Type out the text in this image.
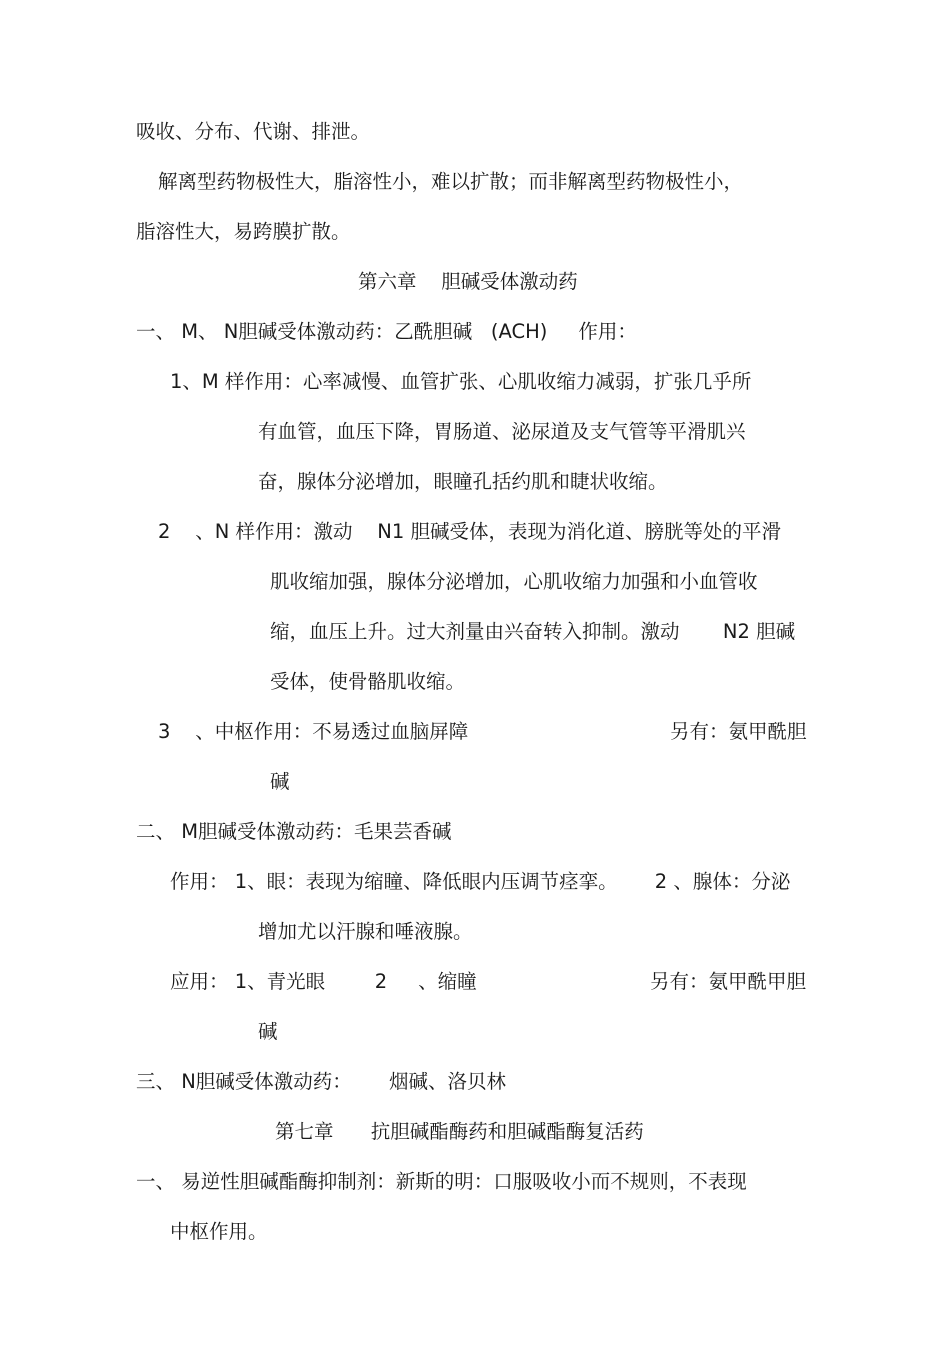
吸收、分布、代谢、排泄。
解离型药物极性大，脂溶性小，难以扩散；而非解离型药物极性小，
脂溶性大，易跨膜扩散。
第六章    胆碱受体激动药
一、 M、 N胆碱受体激动药：乙酰胆碱   (ACH)     作用：
1、M 样作用：心率减慢、血管扩张、心肌收缩力减弱，扩张几乎所
有血管，血压下降，胃肠道、泌尿道及支气管等平滑肌兴
奋，腺体分泌增加，眼瞳孔括约肌和睫状收缩。
2    、N 样作用：激动    N1 胆碱受体，表现为消化道、膀胱等处的平滑
肌收缩加强，腺体分泌增加，心肌收缩力加强和小血管收
缩，血压上升。过大剂量由兴奋转入抑制。激动       N2 胆碱
受体，使骨骼肌收缩。
3    、中枢作用：不易透过血脑屏障	另有：氨甲酰胆
碱
二、 M胆碱受体激动药：毛果芸香碱
作用： 1、眼：表现为缩瞳、降低眼内压调节痉挛。      2 、腺体：分泌
增加尤以汗腺和唾液腺。
应用： 1、青光眼        2     、缩瞳	另有：氨甲酰甲胆
碱
三、 N胆碱受体激动药：      烟碱、洛贝林
第七章      抗胆碱酯酶药和胆碱酯酶复活药
一、 易逆性胆碱酯酶抑制剂：新斯的明：口服吸收小而不规则，不表现
中枢作用。
